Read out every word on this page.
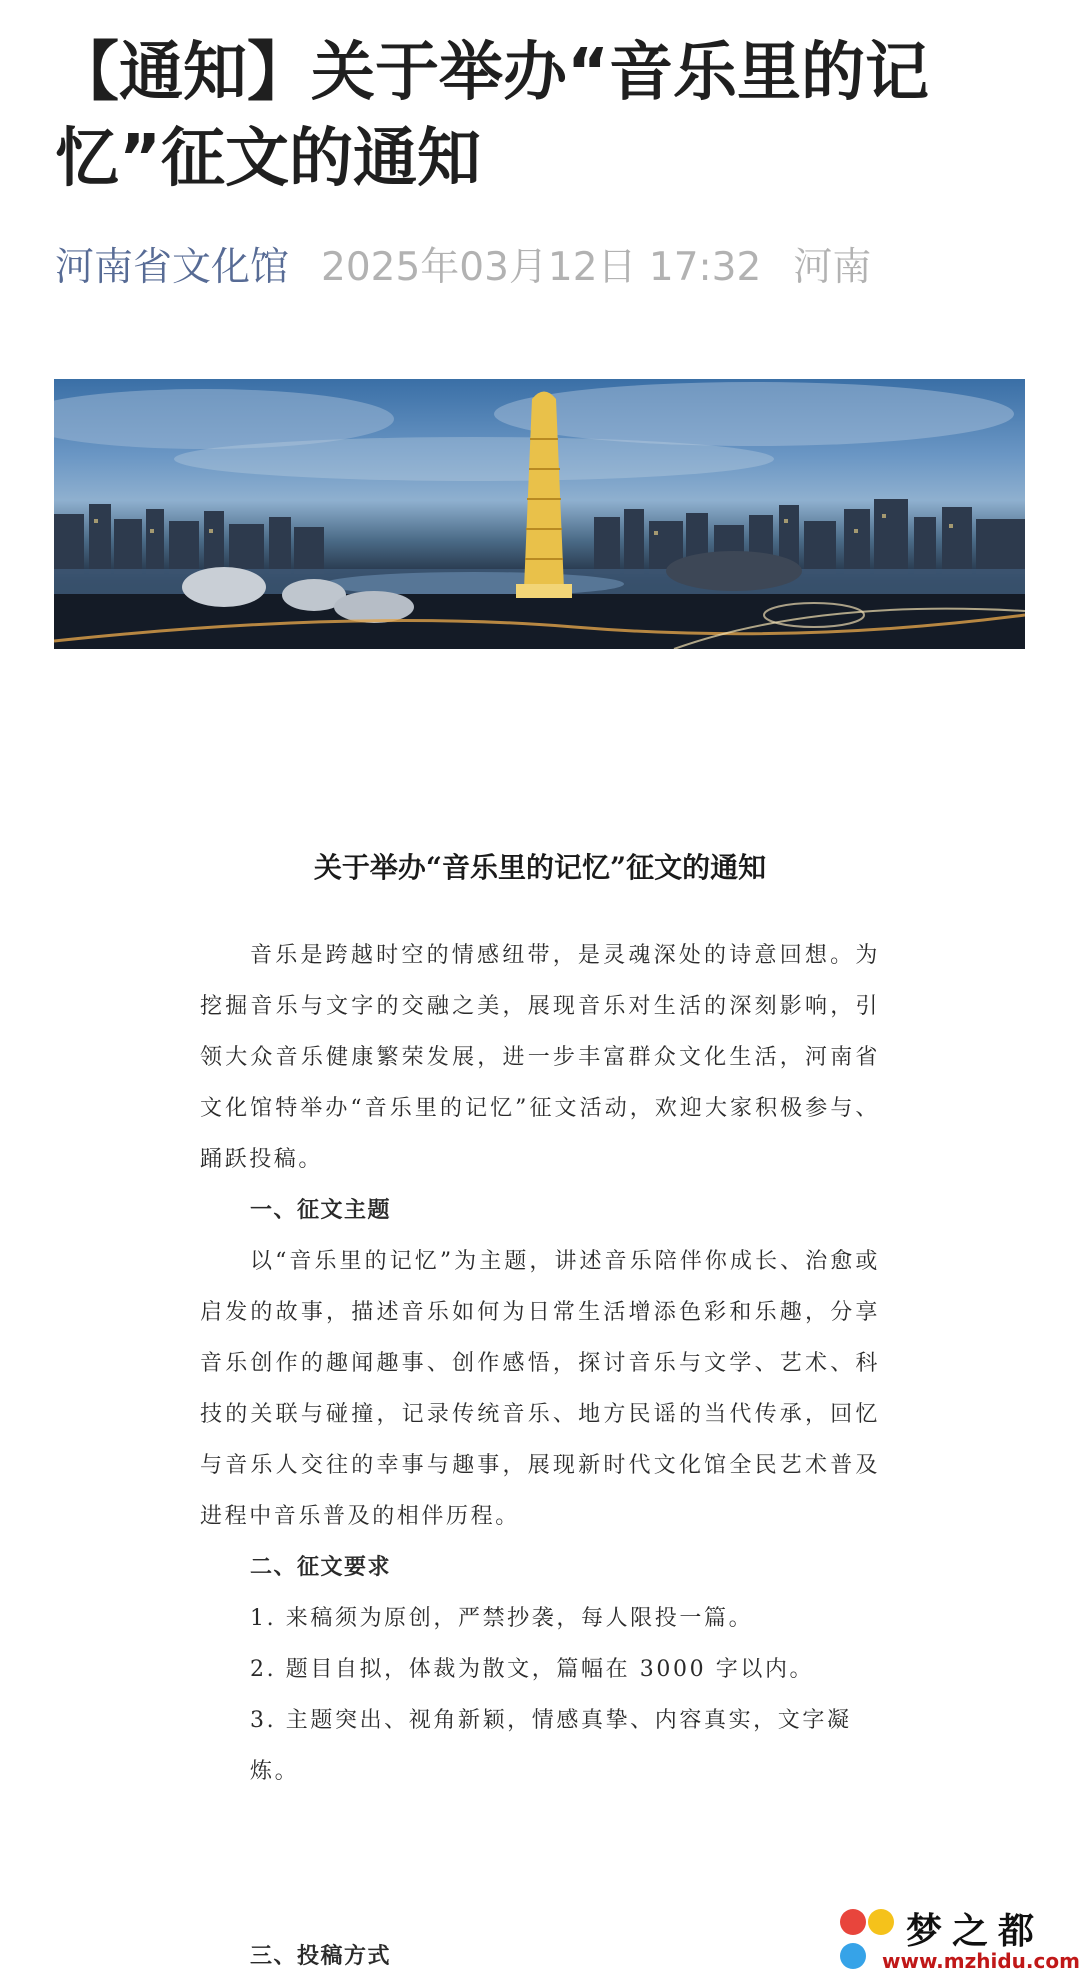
【通知】关于举办“音乐里的记忆”征文的通知
河南省文化馆 2025年03月12日 17:32 河南
关于举办“音乐里的记忆”征文的通知

音乐是跨越时空的情感纽带，是灵魂深处的诗意回想。为挖掘音乐与文字的交融之美，展现音乐对生活的深刻影响，引领大众音乐健康繁荣发展，进一步丰富群众文化生活，河南省文化馆特举办“音乐里的记忆”征文活动，欢迎大家积极参与、踊跃投稿。

一、征文主题

以“音乐里的记忆”为主题，讲述音乐陪伴你成长、治愈或启发的故事，描述音乐如何为日常生活增添色彩和乐趣，分享音乐创作的趣闻趣事、创作感悟，探讨音乐与文学、艺术、科技的关联与碰撞，记录传统音乐、地方民谣的当代传承，回忆与音乐人交往的幸事与趣事，展现新时代文化馆全民艺术普及进程中音乐普及的相伴历程。

二、征文要求

1. 来稿须为原创，严禁抄袭，每人限投一篇。

2. 题目自拟，体裁为散文，篇幅在 3000 字以内。

3. 主题突出、视角新颖，情感真挚、内容真实，文字凝炼。

三、投稿方式

梦之都
www.mzhidu.com
